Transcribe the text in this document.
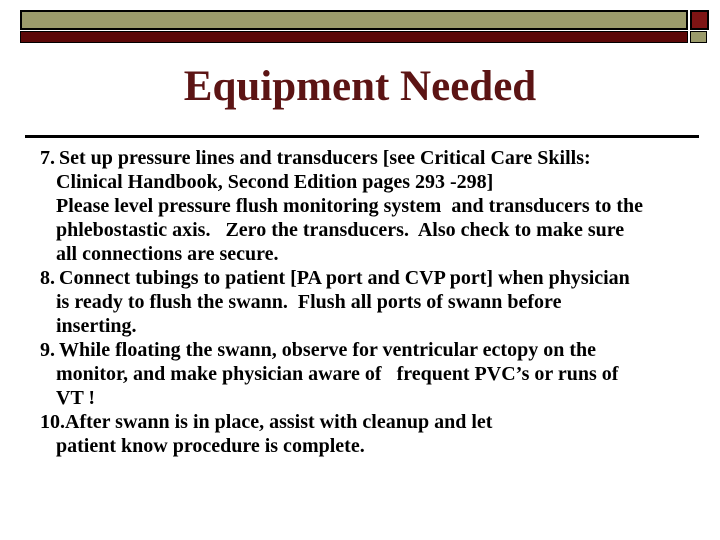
Equipment Needed
7. Set up pressure lines and transducers [see Critical Care Skills:
Clinical Handbook, Second Edition pages 293 -298]
Please level pressure flush monitoring system  and transducers to the
phlebostastic axis.   Zero the transducers.  Also check to make sure
all connections are secure.
8. Connect tubings to patient [PA port and CVP port] when physician
is ready to flush the swann.  Flush all ports of swann before
inserting.
9. While floating the swann, observe for ventricular ectopy on the
monitor, and make physician aware of   frequent PVC’s or runs of
VT !
10. After swann is in place, assist with cleanup and let
patient know procedure is complete.
